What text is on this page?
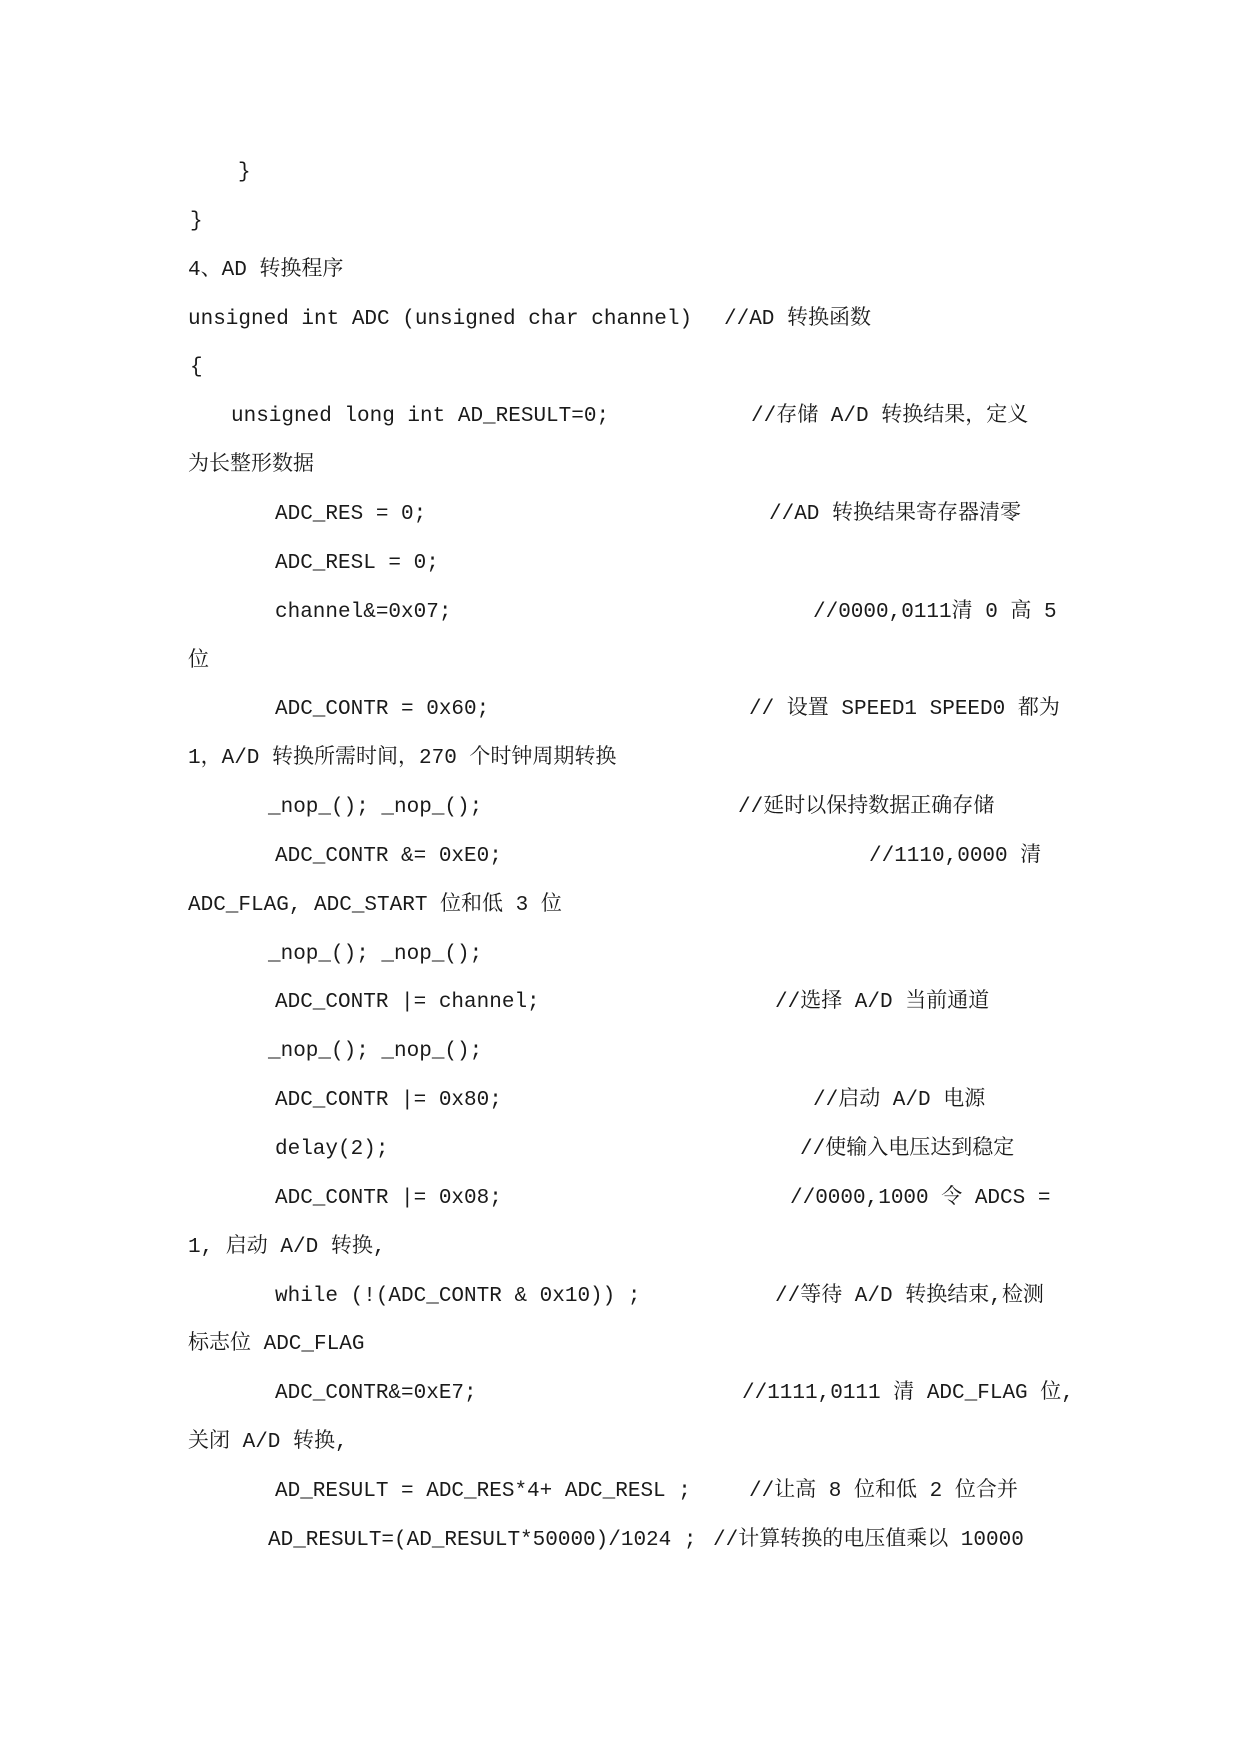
}

}

4、AD 转换程序

unsigned int ADC (unsigned char channel)

//AD 转换函数

{

unsigned long int AD_RESULT=0;

	//存储 A/D 转换结果，定义

为长整形数据

ADC_RES = 0;

	//AD 转换结果寄存器清零

ADC_RESL = 0;

channel&=0x07;

	//0000,0111清 0 高 5

位

ADC_CONTR = 0x60;

	// 设置 SPEED1 SPEED0 都为

1，A/D 转换所需时间，270 个时钟周期转换

_nop_(); _nop_();

	//延时以保持数据正确存储

ADC_CONTR &= 0xE0;

	//1110,0000 清

ADC_FLAG, ADC_START 位和低 3 位

_nop_(); _nop_();

ADC_CONTR |= channel;

	//选择 A/D 当前通道

_nop_(); _nop_();

ADC_CONTR |= 0x80;

	//启动 A/D 电源

delay(2);

	//使输入电压达到稳定

ADC_CONTR |= 0x08;

	//0000,1000 令 ADCS =

1, 启动 A/D 转换,

while (!(ADC_CONTR & 0x10)) ;

	//等待 A/D 转换结束,检测

标志位 ADC_FLAG

ADC_CONTR&=0xE7;

	//1111,0111 清 ADC_FLAG 位,

关闭 A/D 转换,

AD_RESULT = ADC_RES*4+ ADC_RESL ;

	//让高 8 位和低 2 位合并

AD_RESULT=(AD_RESULT*50000)/1024 ;

//计算转换的电压值乘以 10000
